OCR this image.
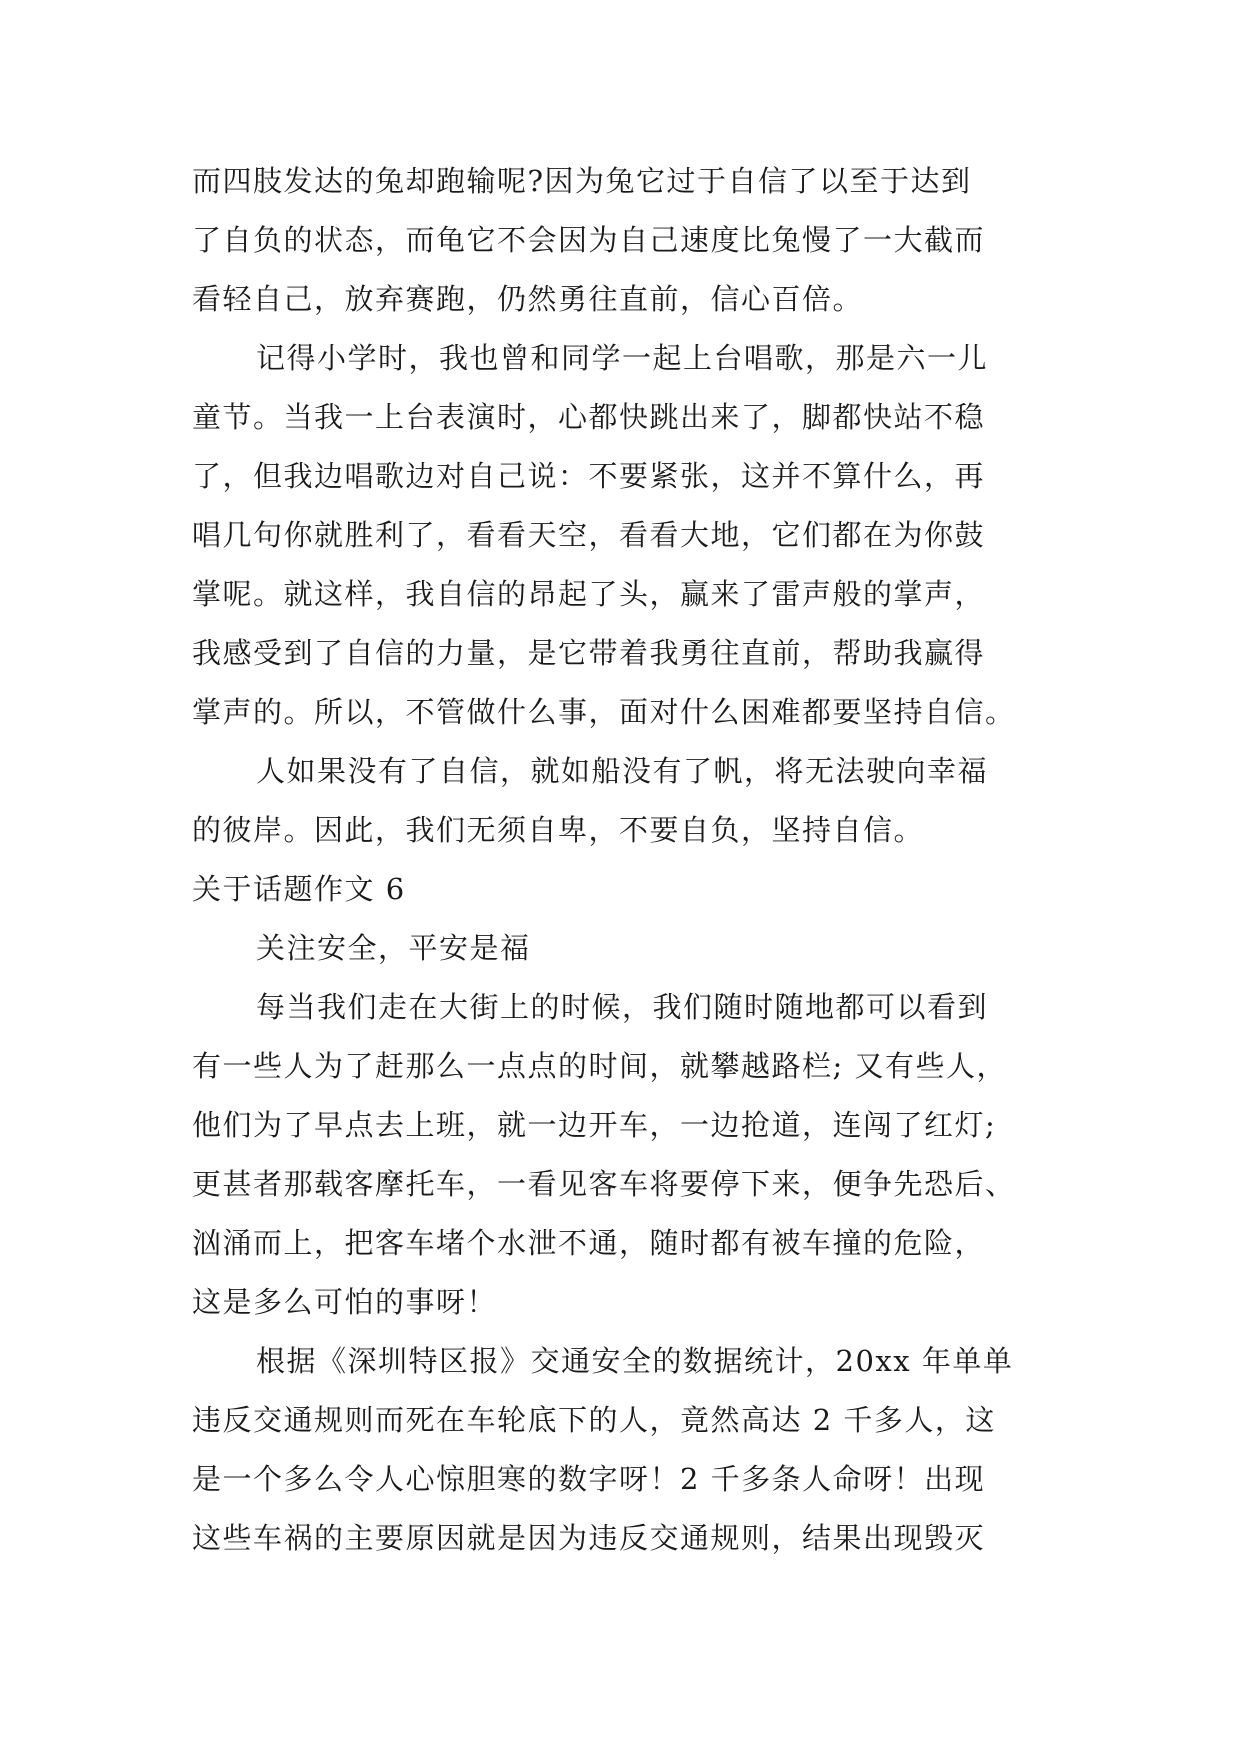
而四肢发达的兔却跑输呢?因为兔它过于自信了以至于达到
了自负的状态，而龟它不会因为自己速度比兔慢了一大截而
看轻自己，放弃赛跑，仍然勇往直前，信心百倍。
记得小学时，我也曾和同学一起上台唱歌，那是六一儿
童节。当我一上台表演时，心都快跳出来了，脚都快站不稳
了，但我边唱歌边对自己说：不要紧张，这并不算什么，再
唱几句你就胜利了，看看天空，看看大地，它们都在为你鼓
掌呢。就这样，我自信的昂起了头，赢来了雷声般的掌声，
我感受到了自信的力量，是它带着我勇往直前，帮助我赢得
掌声的。所以，不管做什么事，面对什么困难都要坚持自信。
人如果没有了自信，就如船没有了帆，将无法驶向幸福
的彼岸。因此，我们无须自卑，不要自负，坚持自信。
关于话题作文 6
关注安全，平安是福
每当我们走在大街上的时候，我们随时随地都可以看到
有一些人为了赶那么一点点的时间，就攀越路栏; 又有些人，
他们为了早点去上班，就一边开车，一边抢道，连闯了红灯;
更甚者那载客摩托车，一看见客车将要停下来，便争先恐后、
汹涌而上，把客车堵个水泄不通，随时都有被车撞的危险，
这是多么可怕的事呀！
根据《深圳特区报》交通安全的数据统计，20xx 年单单
违反交通规则而死在车轮底下的人，竟然高达 2 千多人，这
是一个多么令人心惊胆寒的数字呀！2 千多条人命呀！出现
这些车祸的主要原因就是因为违反交通规则，结果出现毁灭
